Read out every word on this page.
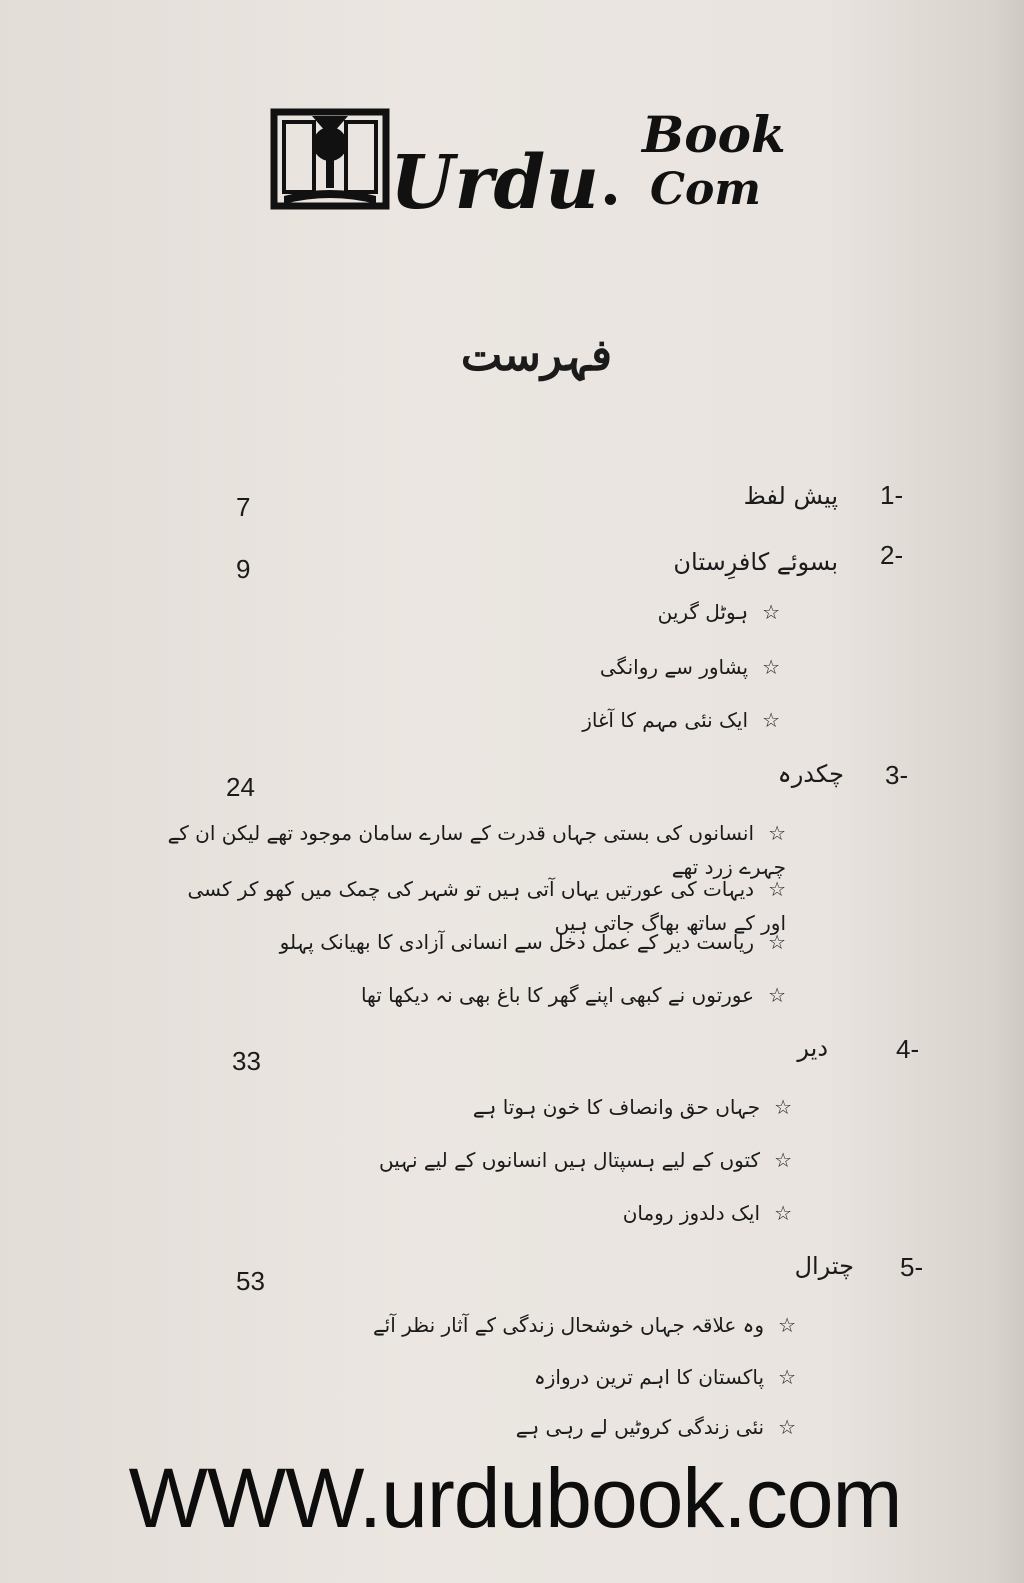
Urdu .
Book
Com
فہرست
1-
پیش لفظ
7
2-
بسوئے کافرِستان
9
☆ہوٹل گرین
☆پشاور سے روانگی
☆ایک نئی مہم کا آغاز
3-
چکدرہ
24
☆انسانوں کی بستی جہاں قدرت کے سارے سامان موجود تھے لیکن ان کے چہرے زرد تھے
☆دیہات کی عورتیں یہاں آتی ہیں تو شہر کی چمک میں کھو کر کسی اور کے ساتھ بھاگ جاتی ہیں
☆ریاست دیر کے عمل دخل سے انسانی آزادی کا بھیانک پہلو
☆عورتوں نے کبھی اپنے گھر کا باغ بھی نہ دیکھا تھا
4-
دیر
33
☆جہاں حق وانصاف کا خون ہوتا ہے
☆کتوں کے لیے ہسپتال ہیں انسانوں کے لیے نہیں
☆ایک دلدوز رومان
5-
چترال
53
☆وہ علاقہ جہاں خوشحال زندگی کے آثار نظر آئے
☆پاکستان کا اہم ترین دروازہ
☆نئی زندگی کروٹیں لے رہی ہے
WWW.urdubook.com
